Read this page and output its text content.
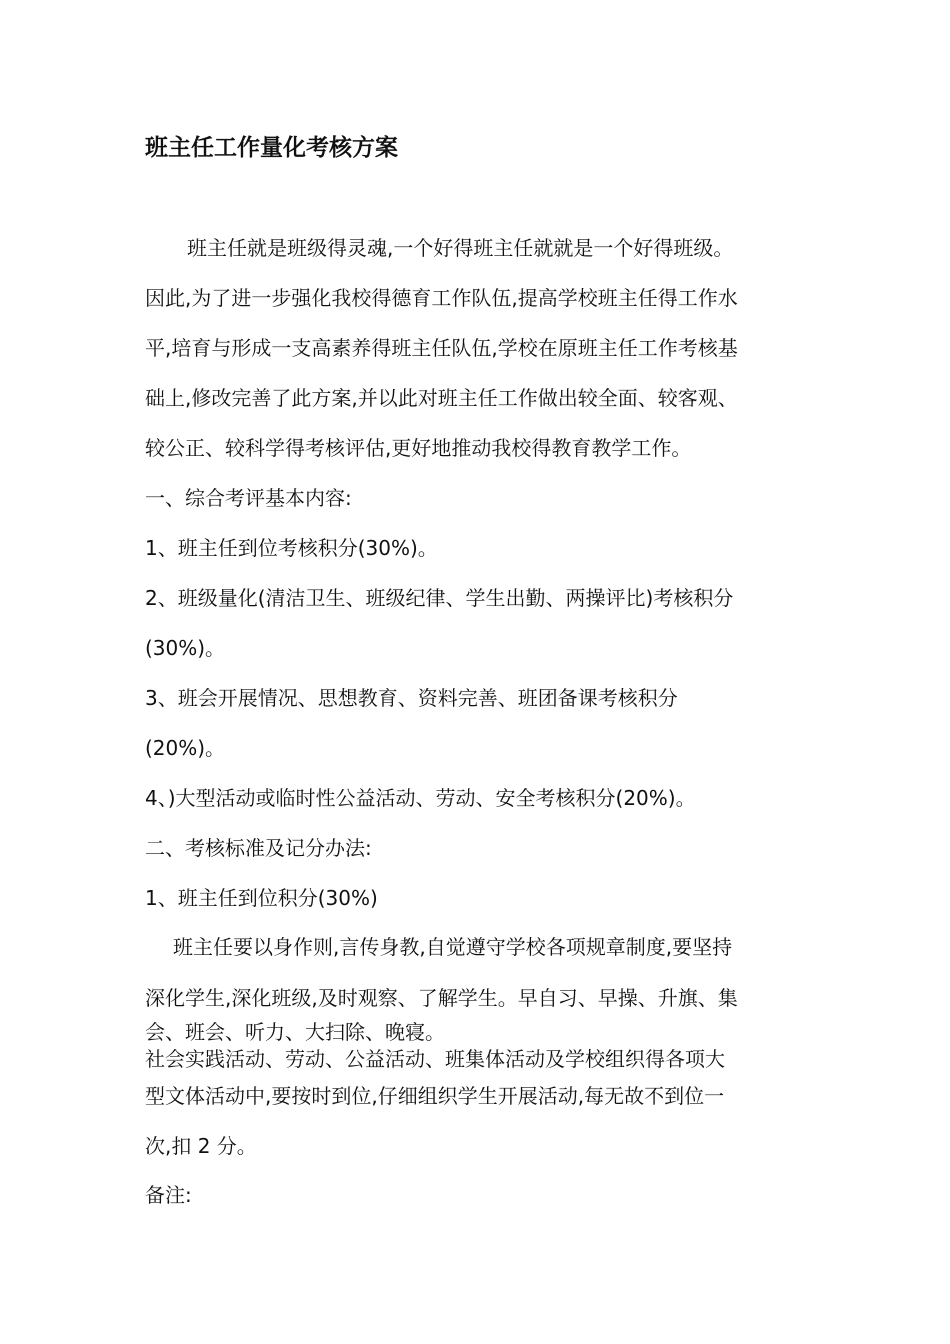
班主任工作量化考核方案

班主任就是班级得灵魂,一个好得班主任就就是一个好得班级。

因此,为了进一步强化我校得德育工作队伍,提高学校班主任得工作水

平,培育与形成一支高素养得班主任队伍,学校在原班主任工作考核基

础上,修改完善了此方案,并以此对班主任工作做出较全面、较客观、

较公正、较科学得考核评估,更好地推动我校得教育教学工作。

一、综合考评基本内容:

1、班主任到位考核积分(30%)。

2、班级量化(清洁卫生、班级纪律、学生出勤、两操评比)考核积分

(30%)。

3、班会开展情况、思想教育、资料完善、班团备课考核积分

(20%)。

4、)大型活动或临时性公益活动、劳动、安全考核积分(20%)。

二、考核标准及记分办法:

1、班主任到位积分(30%)

班主任要以身作则,言传身教,自觉遵守学校各项规章制度,要坚持

深化学生,深化班级,及时观察、了解学生。早自习、早操、升旗、集

会、班会、听力、大扫除、晚寝。

社会实践活动、劳动、公益活动、班集体活动及学校组织得各项大

型文体活动中,要按时到位,仔细组织学生开展活动,每无故不到位一

次,扣 2 分。

备注:
